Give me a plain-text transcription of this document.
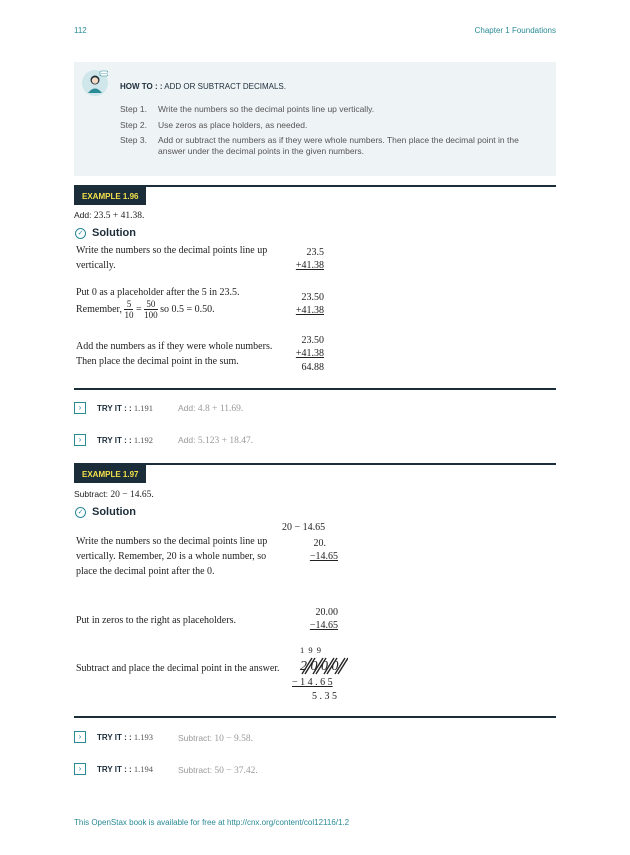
112	Chapter 1 Foundations
HOW TO : : ADD OR SUBTRACT DECIMALS.
Step 1. Write the numbers so the decimal points line up vertically.
Step 2. Use zeros as place holders, as needed.
Step 3. Add or subtract the numbers as if they were whole numbers. Then place the decimal point in the answer under the decimal points in the given numbers.
EXAMPLE 1.96
Add: 23.5 + 41.38.
✓ Solution
Write the numbers so the decimal points line up vertically.
23.5
+41.38
Put 0 as a placeholder after the 5 in 23.5.
Remember, $\frac{5}{10} = \frac{50}{100}$ so 0.5 = 0.50.
23.50
+41.38
Add the numbers as if they were whole numbers. Then place the decimal point in the sum.
23.50
+41.38
64.88
›	TRY IT : : 1.191	Add: 4.8 + 11.69.
›	TRY IT : : 1.192	Add: 5.123 + 18.47.
EXAMPLE 1.97
Subtract: 20 − 14.65.
✓ Solution
20 − 14.65
Write the numbers so the decimal points line up vertically. Remember, 20 is a whole number, so place the decimal point after the 0.
20.
−14.65
Put in zeros to the right as placeholders.
20.00
−14.65
Subtract and place the decimal point in the answer.
1 9 9
2 0 0 0
− 1 4 . 6 5
5 . 3 5
›	TRY IT : : 1.193	Subtract: 10 − 9.58.
›	TRY IT : : 1.194	Subtract: 50 − 37.42.
This OpenStax book is available for free at http://cnx.org/content/col12116/1.2
